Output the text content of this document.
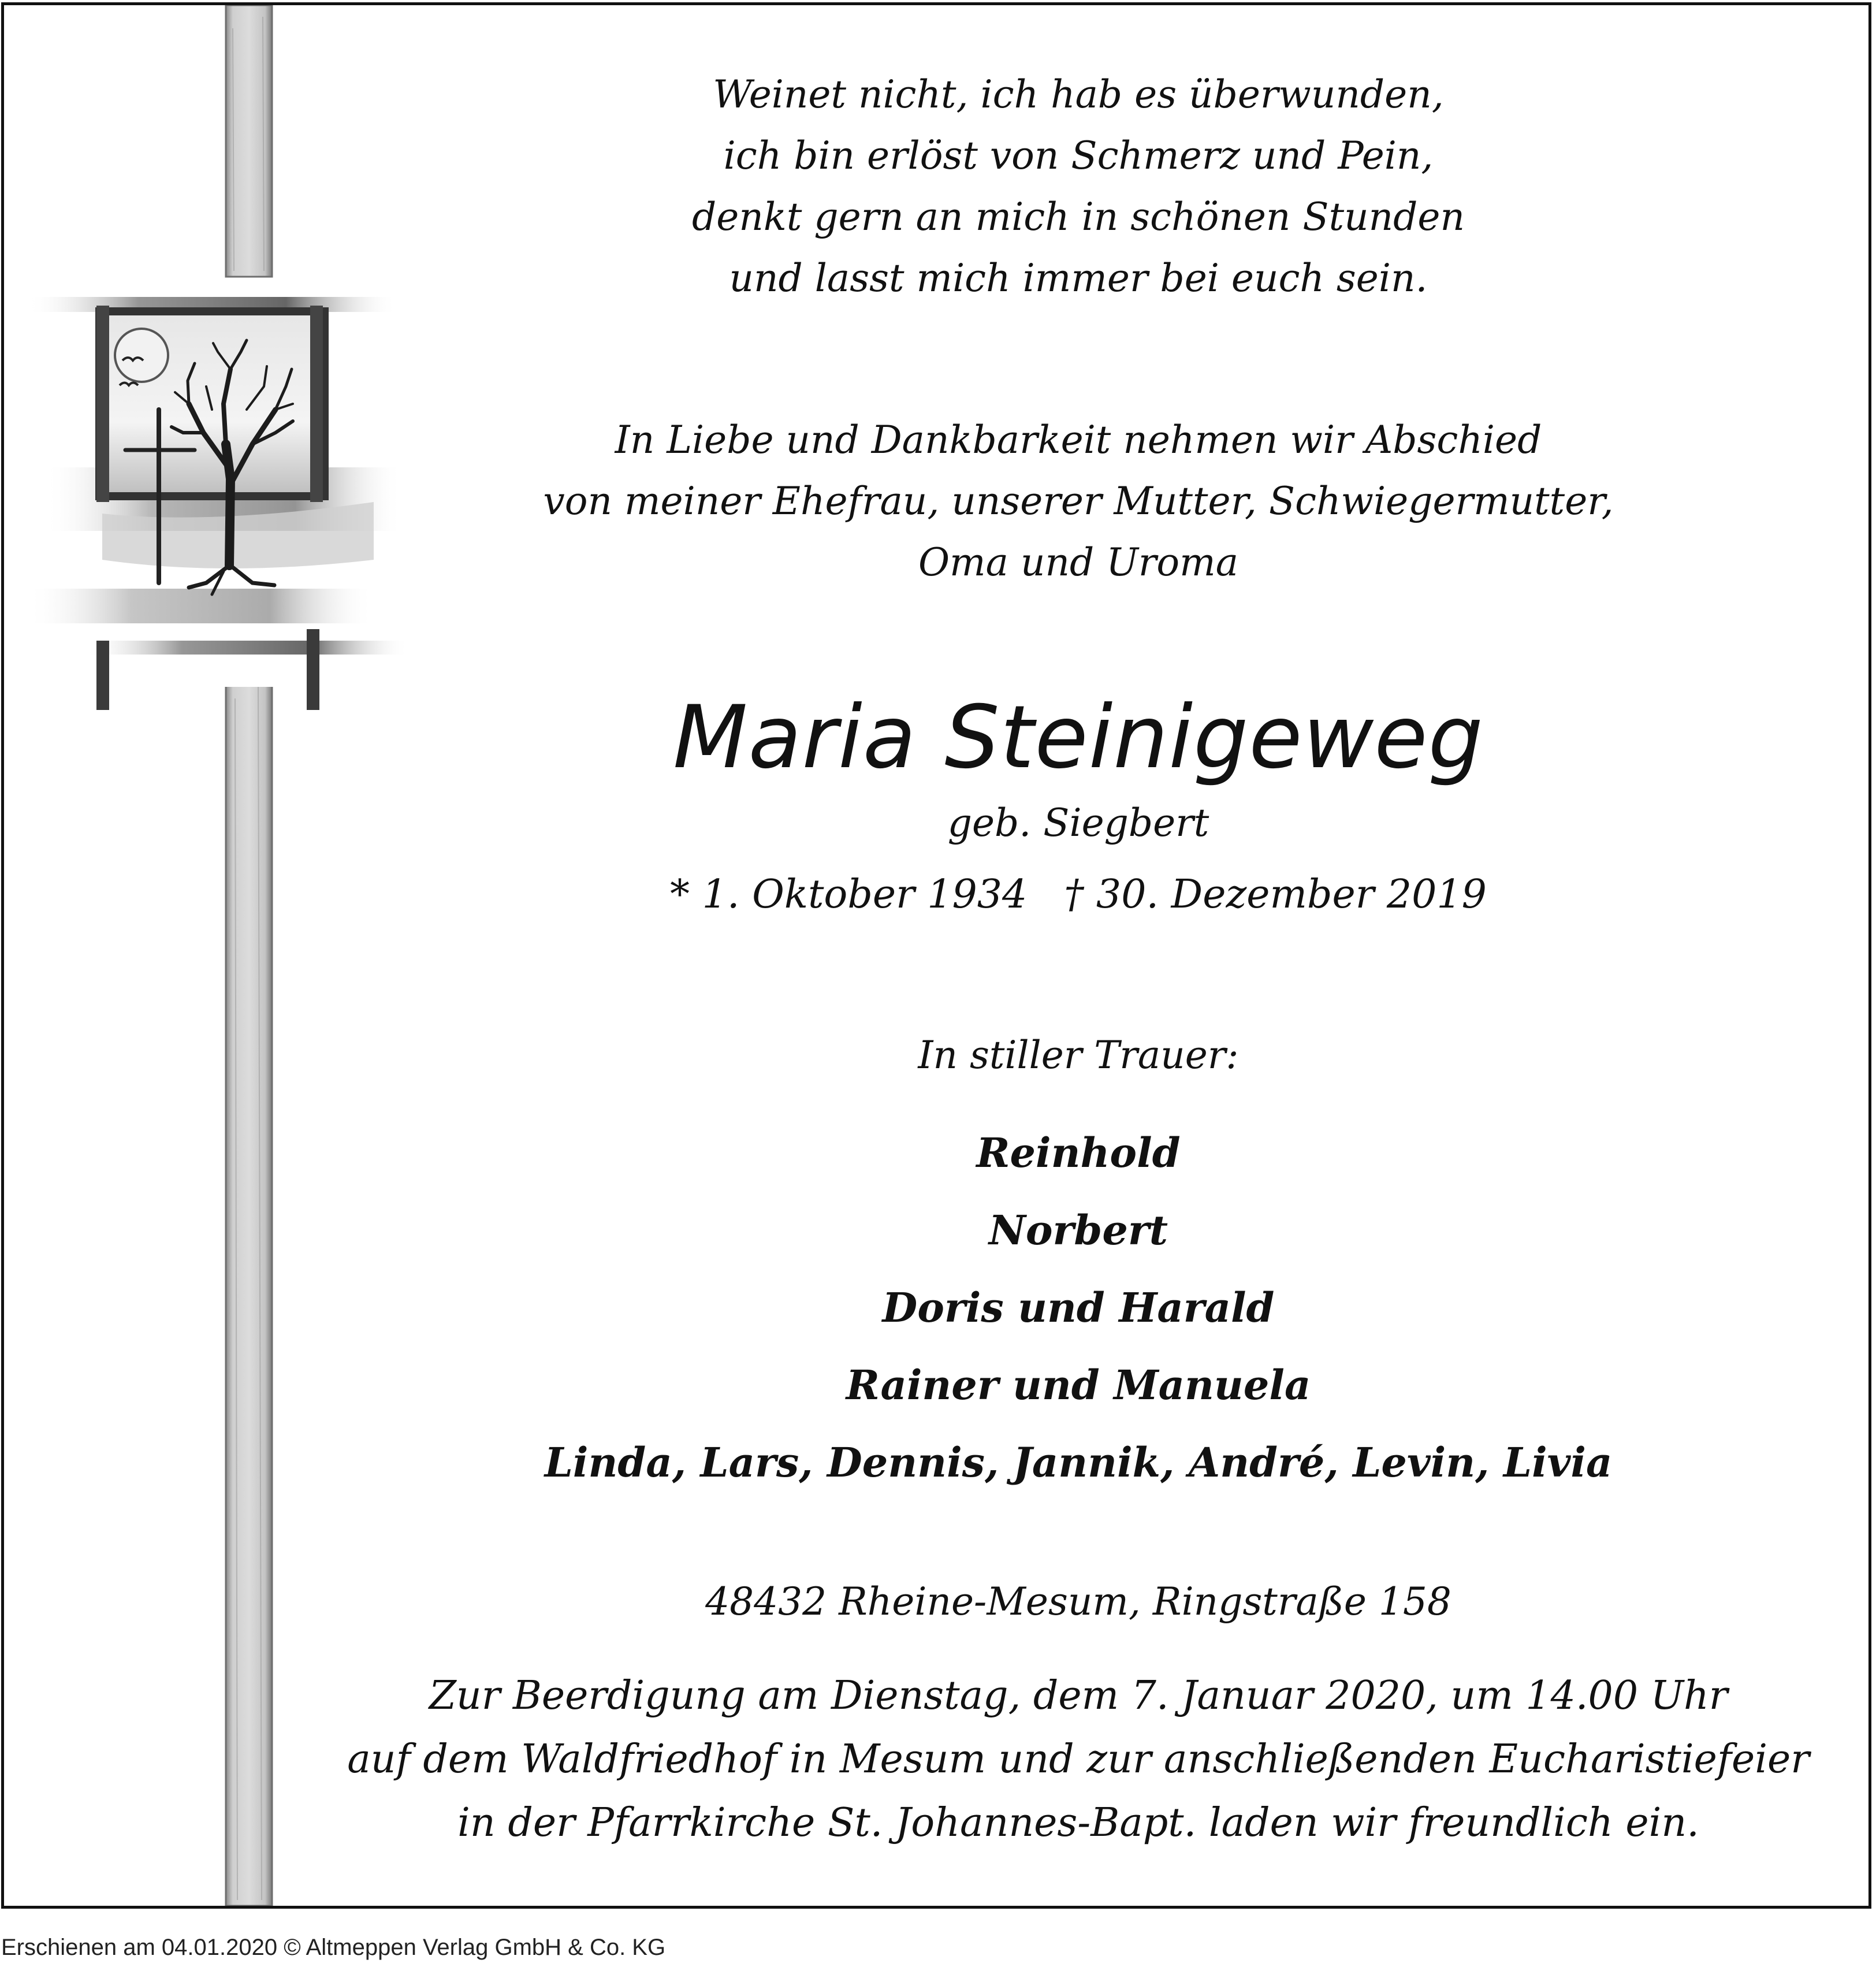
Weinet nicht, ich hab es überwunden,
ich bin erlöst von Schmerz und Pein,
denkt gern an mich in schönen Stunden
und lasst mich immer bei euch sein.
In Liebe und Dankbarkeit nehmen wir Abschied
von meiner Ehefrau, unserer Mutter, Schwiegermutter,
Oma und Uroma
Maria Steinigeweg
geb. Siegbert
* 1. Oktober 1934 † 30. Dezember 2019
In stiller Trauer:
Reinhold
Norbert
Doris und Harald
Rainer und Manuela
Linda, Lars, Dennis, Jannik, André, Levin, Livia
48432 Rheine-Mesum, Ringstraße 158
Zur Beerdigung am Dienstag, dem 7. Januar 2020, um 14.00 Uhr
auf dem Waldfriedhof in Mesum und zur anschließenden Eucharistiefeier
in der Pfarrkirche St. Johannes-Bapt. laden wir freundlich ein.
Erschienen am 04.01.2020 © Altmeppen Verlag GmbH & Co. KG
